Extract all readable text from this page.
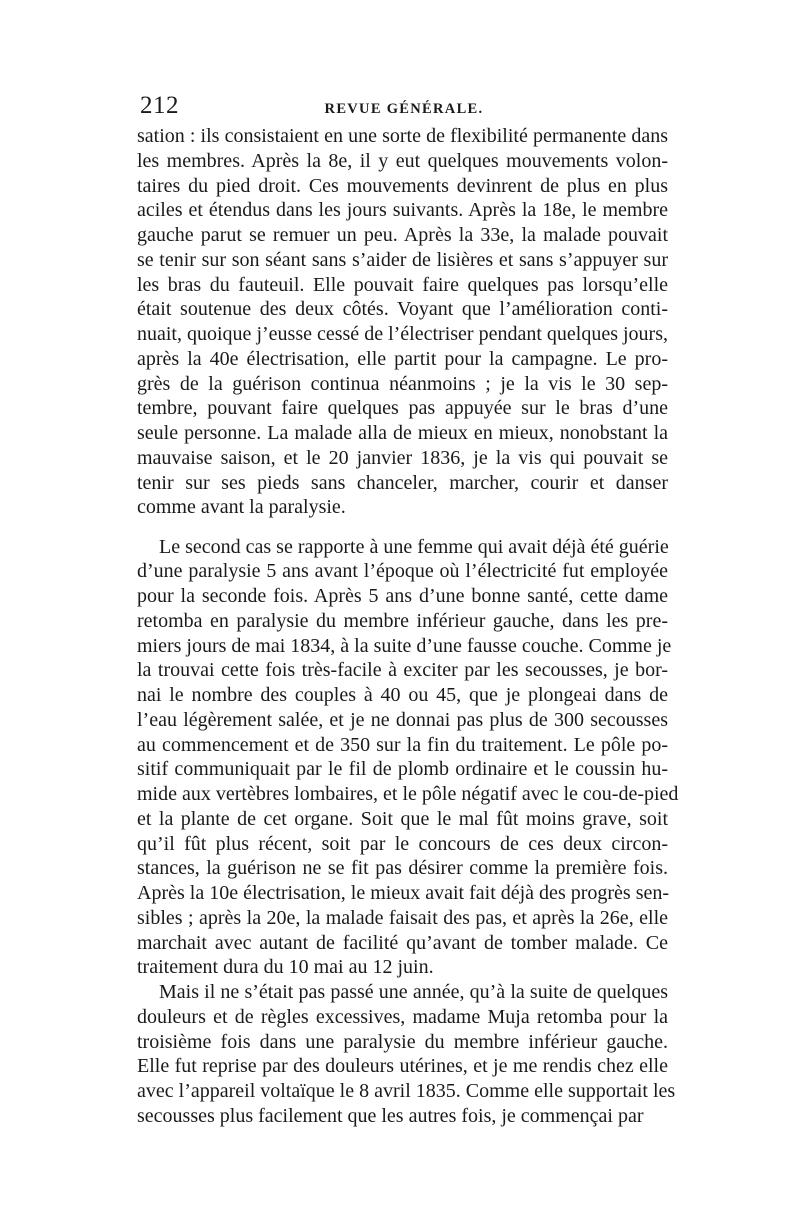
212	REVUE GÉNÉRALE.
sation : ils consistaient en une sorte de flexibilité permanente dans
les membres. Après la 8e, il y eut quelques mouvements volon-
taires du pied droit. Ces mouvements devinrent de plus en plus
aciles et étendus dans les jours suivants. Après la 18e, le membre
gauche parut se remuer un peu. Après la 33e, la malade pouvait
se tenir sur son séant sans s’aider de lisières et sans s’appuyer sur
les bras du fauteuil. Elle pouvait faire quelques pas lorsqu’elle
était soutenue des deux côtés. Voyant que l’amélioration conti-
nuait, quoique j’eusse cessé de l’électriser pendant quelques jours,
après la 40e électrisation, elle partit pour la campagne. Le pro-
grès de la guérison continua néanmoins ; je la vis le 30 sep-
tembre, pouvant faire quelques pas appuyée sur le bras d’une
seule personne. La malade alla de mieux en mieux, nonobstant la
mauvaise saison, et le 20 janvier 1836, je la vis qui pouvait se
tenir sur ses pieds sans chanceler, marcher, courir et danser
comme avant la paralysie.
Le second cas se rapporte à une femme qui avait déjà été guérie
d’une paralysie 5 ans avant l’époque où l’électricité fut employée
pour la seconde fois. Après 5 ans d’une bonne santé, cette dame
retomba en paralysie du membre inférieur gauche, dans les pre-
miers jours de mai 1834, à la suite d’une fausse couche. Comme je
la trouvai cette fois très-facile à exciter par les secousses, je bor-
nai le nombre des couples à 40 ou 45, que je plongeai dans de
l’eau légèrement salée, et je ne donnai pas plus de 300 secousses
au commencement et de 350 sur la fin du traitement. Le pôle po-
sitif communiquait par le fil de plomb ordinaire et le coussin hu-
mide aux vertèbres lombaires, et le pôle négatif avec le cou-de-pied
et la plante de cet organe. Soit que le mal fût moins grave, soit
qu’il fût plus récent, soit par le concours de ces deux circon-
stances, la guérison ne se fit pas désirer comme la première fois.
Après la 10e électrisation, le mieux avait fait déjà des progrès sen-
sibles ; après la 20e, la malade faisait des pas, et après la 26e, elle
marchait avec autant de facilité qu’avant de tomber malade. Ce
traitement dura du 10 mai au 12 juin.
Mais il ne s’était pas passé une année, qu’à la suite de quelques
douleurs et de règles excessives, madame Muja retomba pour la
troisième fois dans une paralysie du membre inférieur gauche.
Elle fut reprise par des douleurs utérines, et je me rendis chez elle
avec l’appareil voltaïque le 8 avril 1835. Comme elle supportait les
secousses plus facilement que les autres fois, je commençai par
